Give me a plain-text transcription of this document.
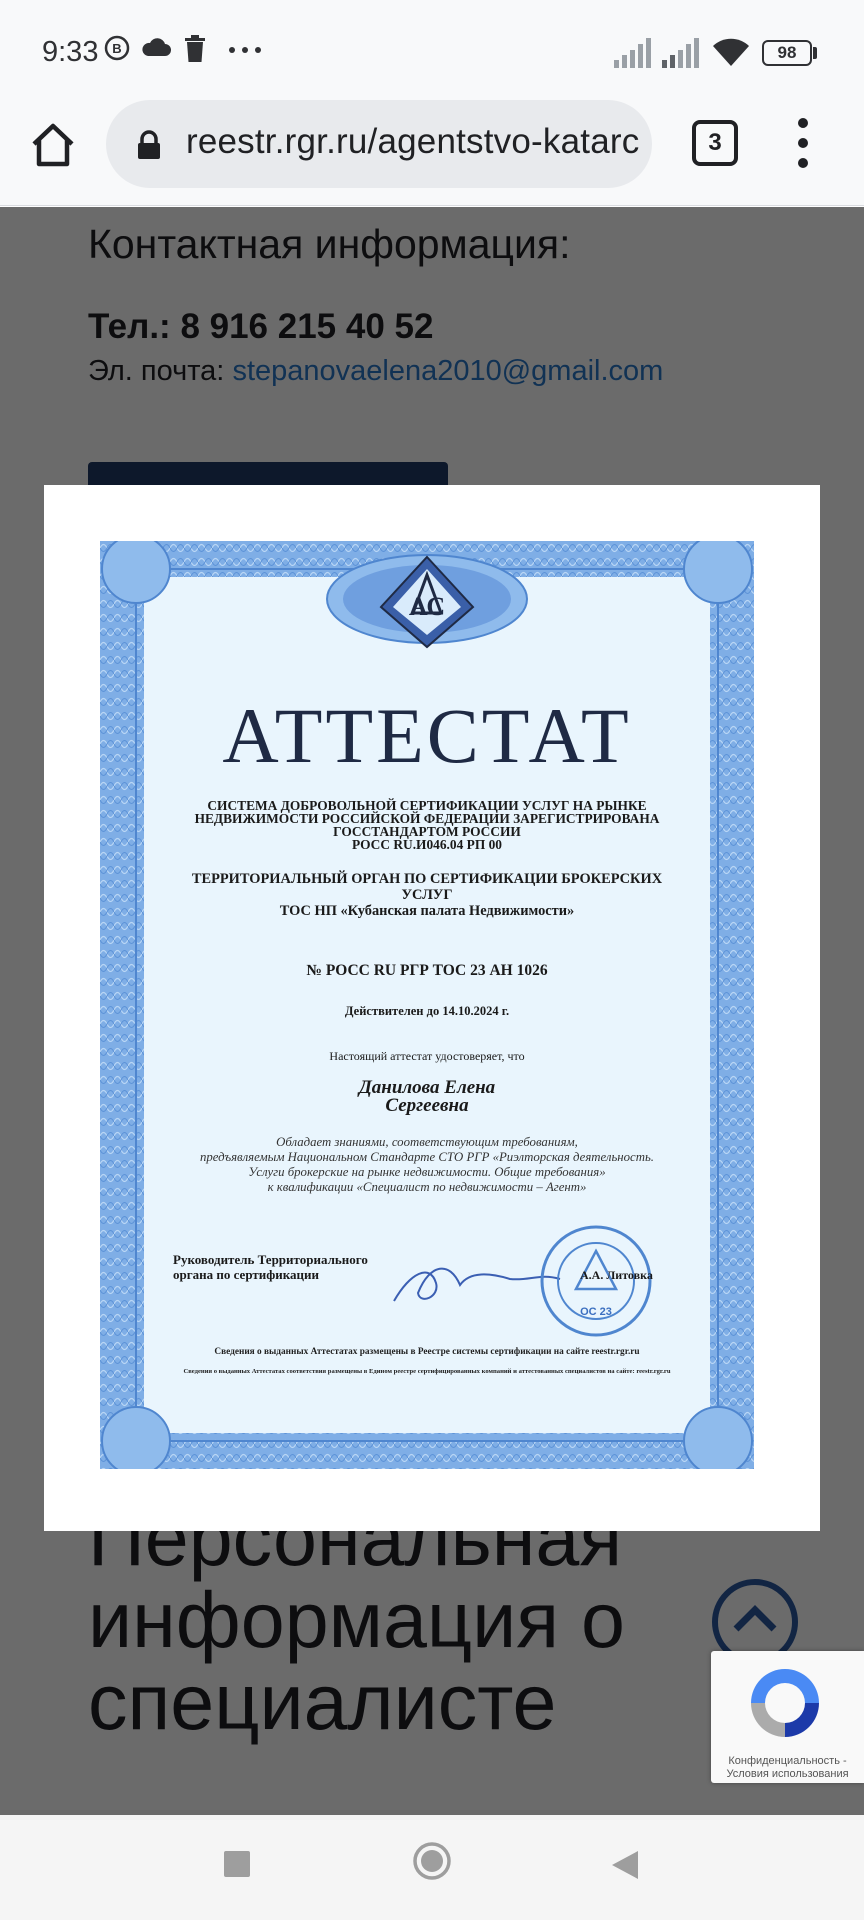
9:33 B	98
reestr.rgr.ru/agentstvo-katarc	3
АС
АТТЕСТАТ
СИСТЕМА ДОБРОВОЛЬНОЙ СЕРТИФИКАЦИИ УСЛУГ НА РЫНКЕ
НЕДВИЖИМОСТИ РОССИЙСКОЙ ФЕДЕРАЦИИ ЗАРЕГИСТРИРОВАНА
ГОССТАНДАРТОМ РОССИИ
РОСС RU.И046.04 РП 00
ТЕРРИТОРИАЛЬНЫЙ ОРГАН ПО СЕРТИФИКАЦИИ БРОКЕРСКИХ
УСЛУГ
ТОС НП «Кубанская палата Недвижимости»
№ РОСС RU РГР ТОС 23 АН 1026
Действителен до 14.10.2024 г.
Настоящий аттестат удостоверяет, что
Данилова Елена
Сергеевна
Обладает знаниями, соответствующим требованиям,
предъявляемым Национальном Стандарте СТО РГР «Риэлторская деятельность.
Услуги брокерские на рынке недвижимости. Общие требования»
к квалификации «Специалист по недвижимости – Агент»
Руководитель Территориального
органа по сертификации
ОС 23
А.А. Литовка
Сведения о выданных Аттестатах размещены в Реестре системы сертификации на сайте reestr.rgr.ru
Сведения о выданных Аттестатах соответствия размещены в Едином реестре сертифицированных компаний и аттестованных специалистов на сайте: reestr.rgr.ru
Конфиденциальность -
Условия использования
